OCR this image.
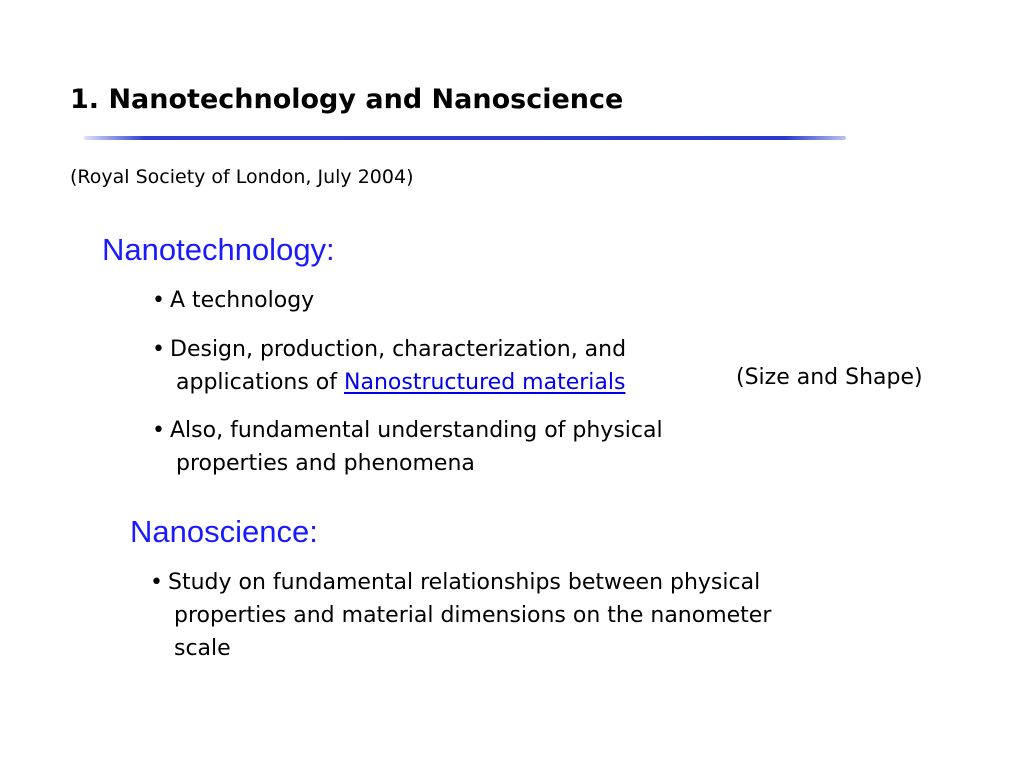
1. Nanotechnology and Nanoscience
(Royal Society of London, July 2004)
Nanotechnology:
• A technology
• Design, production, characterization, and
applications of Nanostructured materials	(Size and Shape)
• Also, fundamental understanding of physical
properties and phenomena
Nanoscience:
• Study on fundamental relationships between physical
properties and material dimensions on the nanometer
scale
